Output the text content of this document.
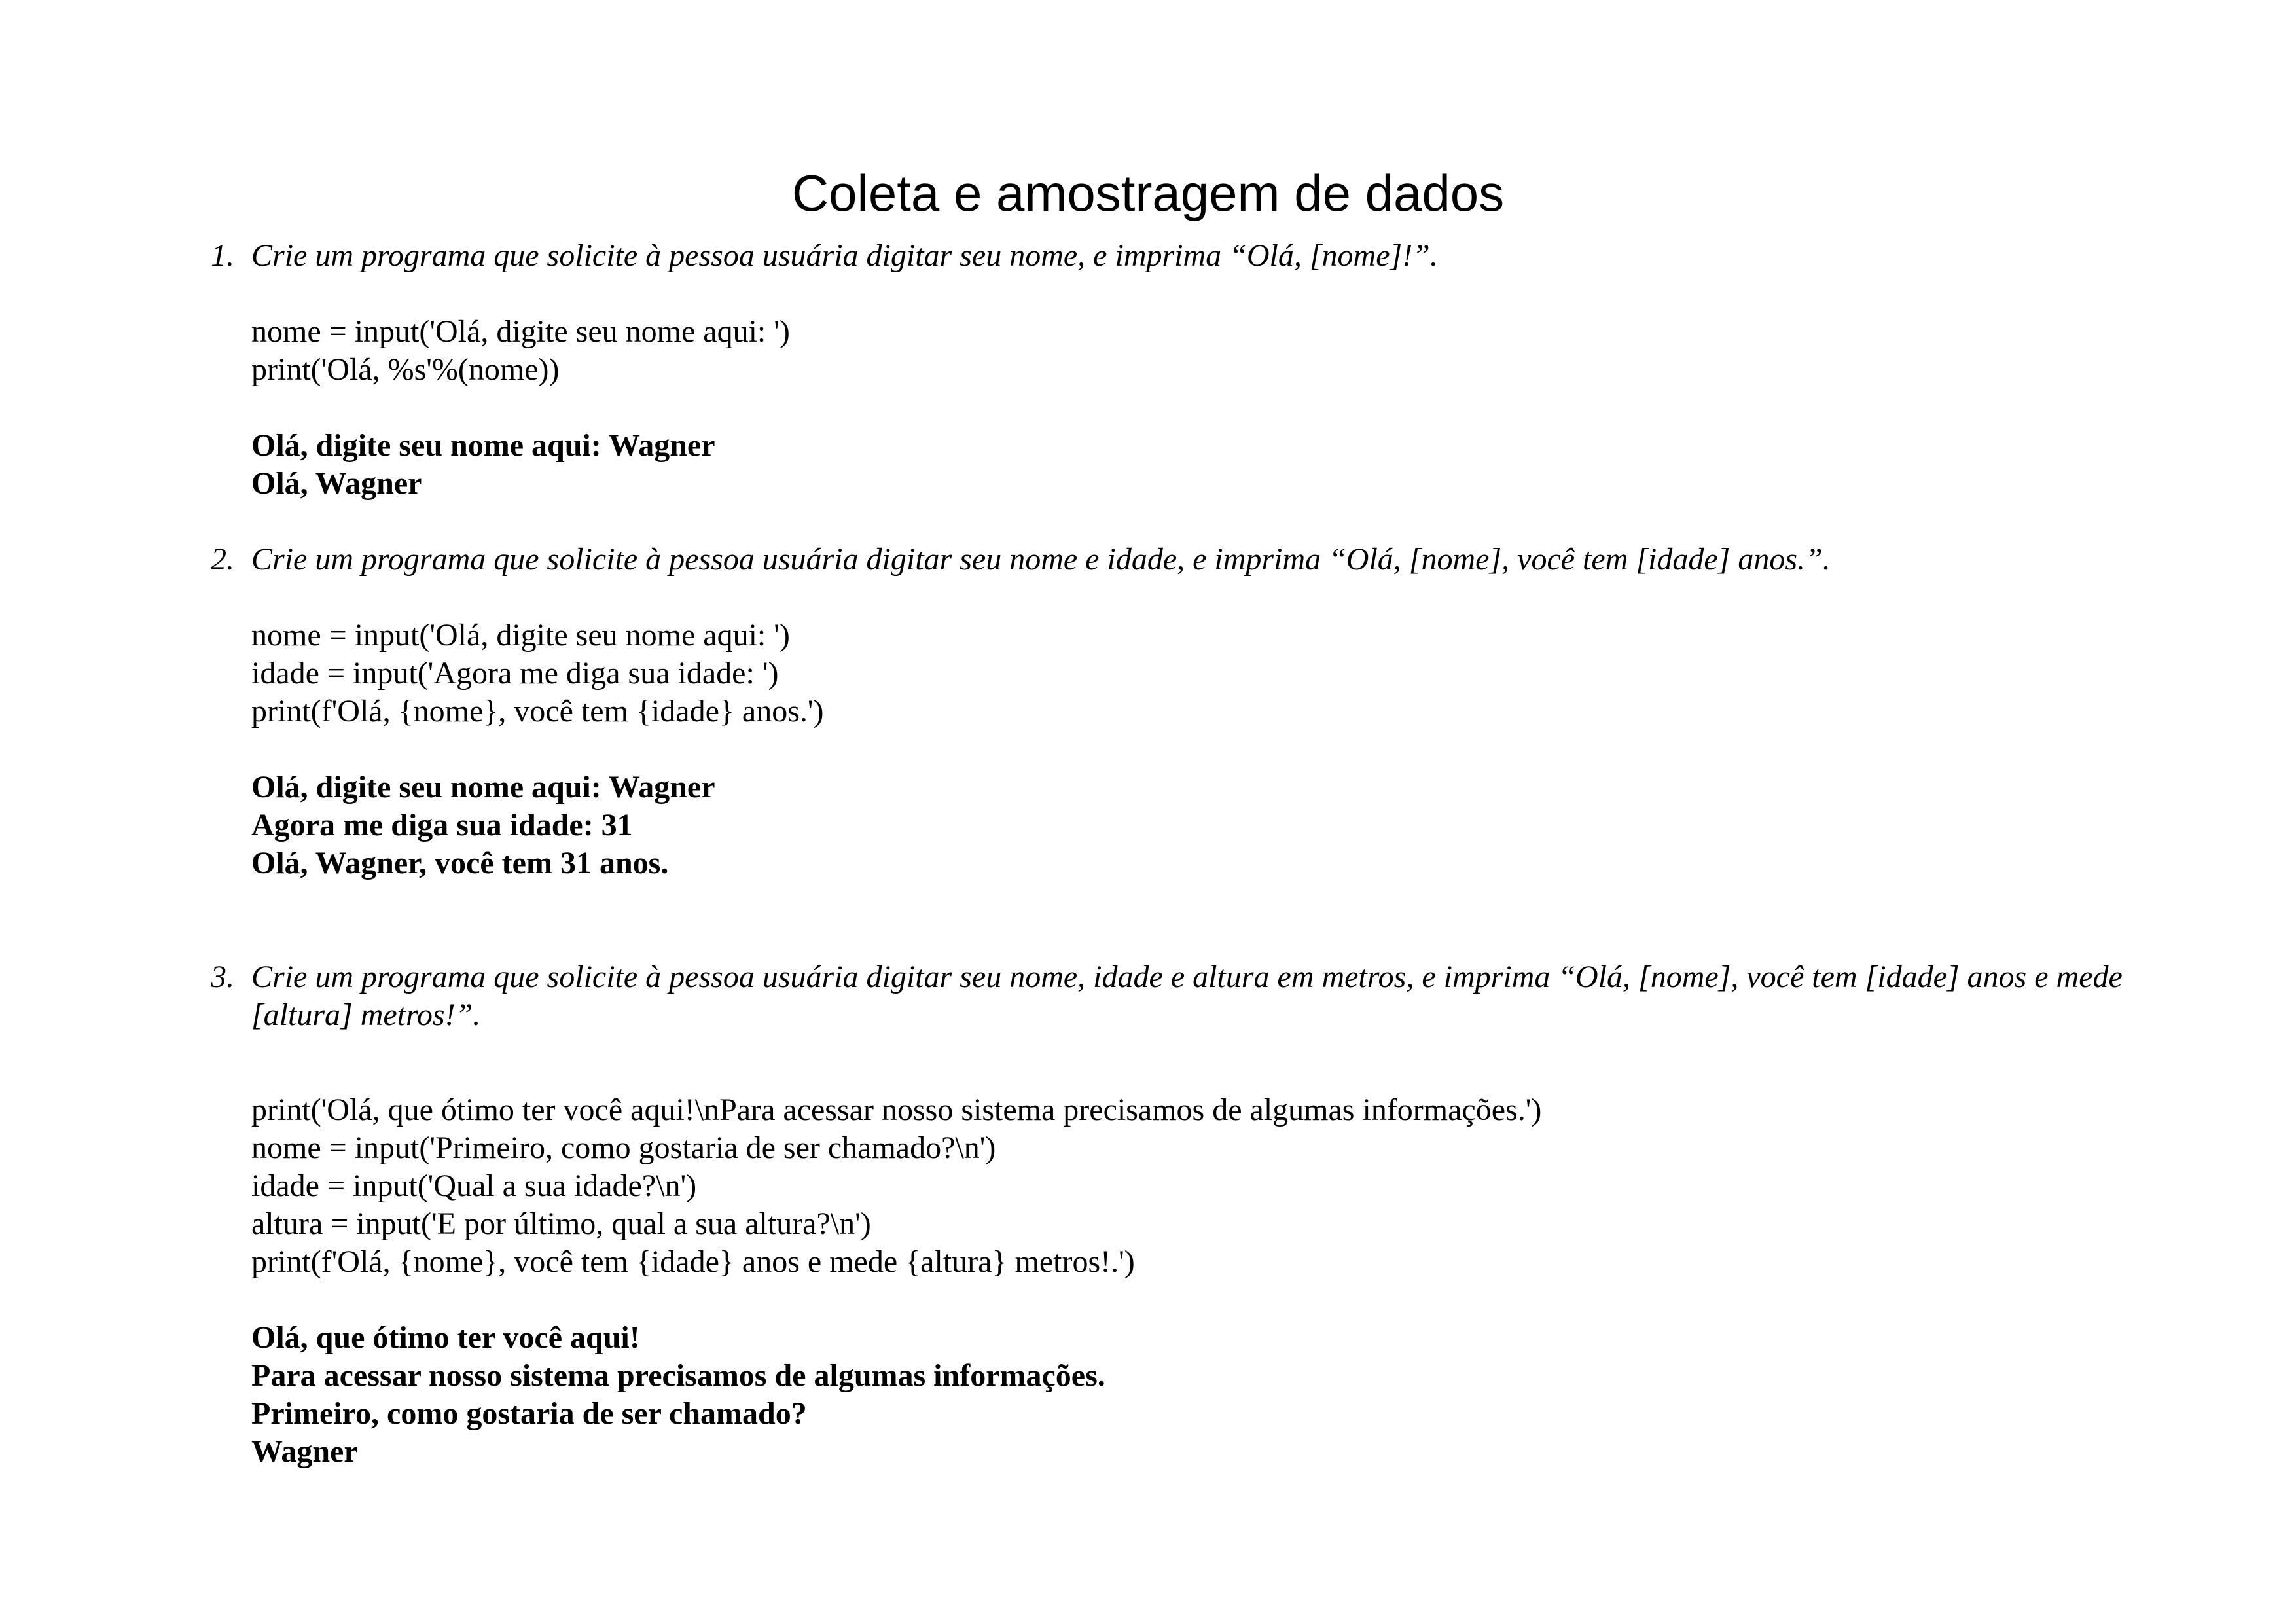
Coleta e amostragem de dados
1. Crie um programa que solicite à pessoa usuária digitar seu nome, e imprima “Olá, [nome]!”.

nome = input('Olá, digite seu nome aqui: ')
print('Olá, %s'%(nome))
Olá, digite seu nome aqui: Wagner
Olá, Wagner
2. Crie um programa que solicite à pessoa usuária digitar seu nome e idade, e imprima “Olá, [nome], você tem [idade] anos.”.

nome = input('Olá, digite seu nome aqui: ')
idade = input('Agora me diga sua idade: ')
print(f'Olá, {nome}, você tem {idade} anos.')
Olá, digite seu nome aqui: Wagner
Agora me diga sua idade: 31
Olá, Wagner, você tem 31 anos.
3. Crie um programa que solicite à pessoa usuária digitar seu nome, idade e altura em metros, e imprima “Olá, [nome], você tem [idade] anos e mede [altura] metros!”.

print('Olá, que ótimo ter você aqui!\nPara acessar nosso sistema precisamos de algumas informações.')
nome = input('Primeiro, como gostaria de ser chamado?\n')
idade = input('Qual a sua idade?\n')
altura = input('E por último, qual a sua altura?\n')
print(f'Olá, {nome}, você tem {idade} anos e mede {altura} metros!.')
Olá, que ótimo ter você aqui!
Para acessar nosso sistema precisamos de algumas informações.
Primeiro, como gostaria de ser chamado?
Wagner
